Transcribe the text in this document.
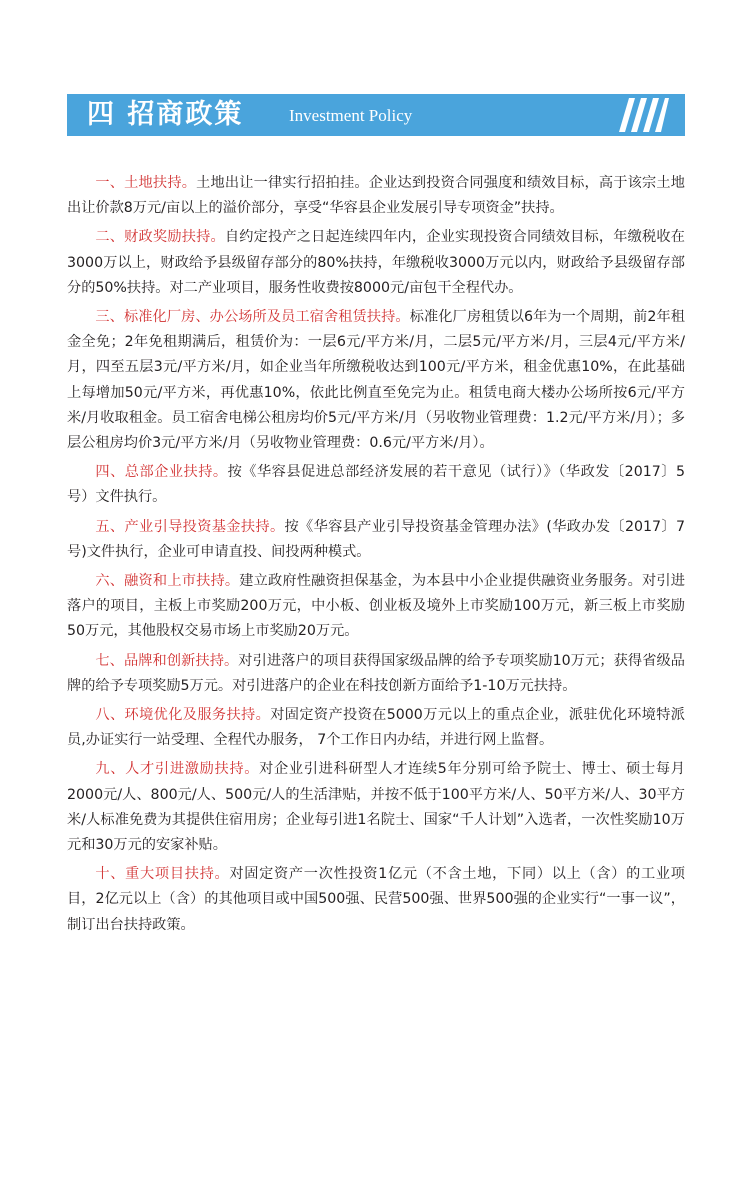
四 招商政策	Investment Policy

一、土地扶持。土地出让一律实行招拍挂。企业达到投资合同强度和绩效目标，高于该宗土地出让价款8万元/亩以上的溢价部分，享受“华容县企业发展引导专项资金”扶持。

二、财政奖励扶持。自约定投产之日起连续四年内，企业实现投资合同绩效目标，年缴税收在3000万以上，财政给予县级留存部分的80%扶持，年缴税收3000万元以内，财政给予县级留存部分的50%扶持。对二产业项目，服务性收费按8000元/亩包干全程代办。

三、标准化厂房、办公场所及员工宿舍租赁扶持。标准化厂房租赁以6年为一个周期，前2年租金全免；2年免租期满后，租赁价为：一层6元/平方米/月，二层5元/平方米/月，三层4元/平方米/月，四至五层3元/平方米/月，如企业当年所缴税收达到100元/平方米，租金优惠10%，在此基础上每增加50元/平方米，再优惠10%，依此比例直至免完为止。租赁电商大楼办公场所按6元/平方米/月收取租金。员工宿舍电梯公租房均价5元/平方米/月（另收物业管理费：1.2元/平方米/月）；多层公租房均价3元/平方米/月（另收物业管理费：0.6元/平方米/月）。

四、总部企业扶持。按《华容县促进总部经济发展的若干意见（试行）》（华政发〔2017〕5号）文件执行。

五、产业引导投资基金扶持。按《华容县产业引导投资基金管理办法》(华政办发〔2017〕7号)文件执行，企业可申请直投、间投两种模式。

六、融资和上市扶持。建立政府性融资担保基金，为本县中小企业提供融资业务服务。对引进落户的项目，主板上市奖励200万元，中小板、创业板及境外上市奖励100万元，新三板上市奖励50万元，其他股权交易市场上市奖励20万元。

七、品牌和创新扶持。对引进落户的项目获得国家级品牌的给予专项奖励10万元；获得省级品牌的给予专项奖励5万元。对引进落户的企业在科技创新方面给予1-10万元扶持。

八、环境优化及服务扶持。对固定资产投资在5000万元以上的重点企业，派驻优化环境特派员,办证实行一站受理、全程代办服务， 7个工作日内办结，并进行网上监督。

九、人才引进激励扶持。对企业引进科研型人才连续5年分别可给予院士、博士、硕士每月2000元/人、800元/人、500元/人的生活津贴，并按不低于100平方米/人、50平方米/人、30平方米/人标准免费为其提供住宿用房；企业每引进1名院士、国家“千人计划”入选者，一次性奖励10万元和30万元的安家补贴。

十、重大项目扶持。对固定资产一次性投资1亿元（不含土地，下同）以上（含）的工业项目，2亿元以上（含）的其他项目或中国500强、民营500强、世界500强的企业实行“一事一议”，制订出台扶持政策。
